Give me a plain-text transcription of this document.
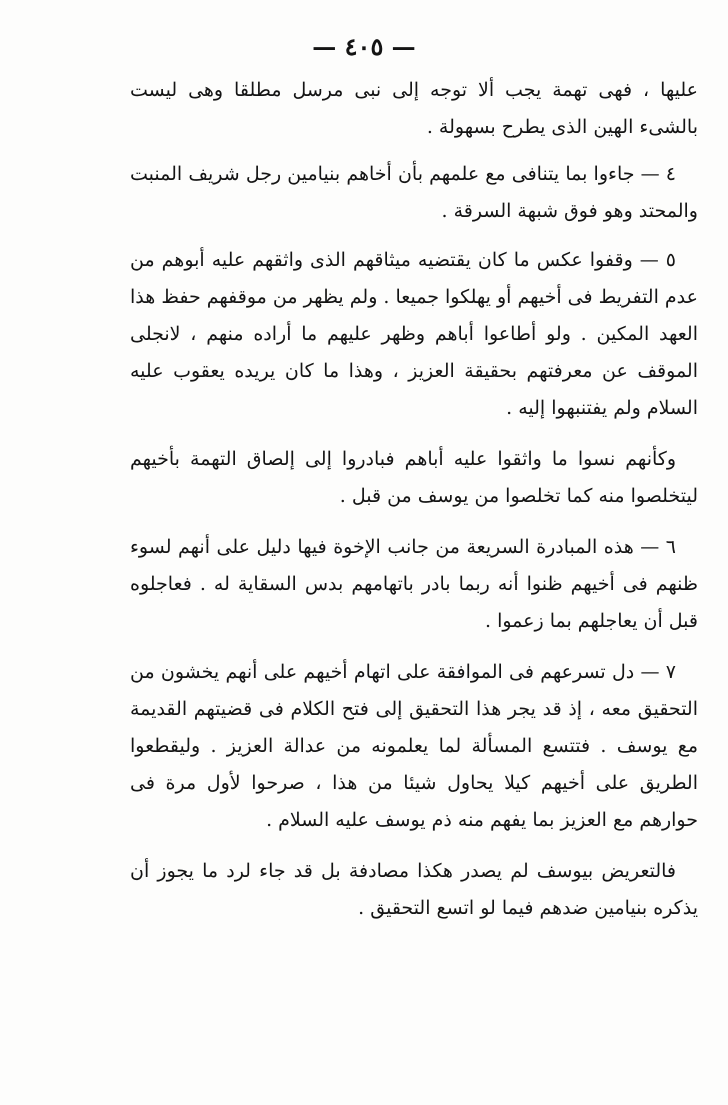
— ٤٠٥ —

عليها ، فهى تهمة يجب ألا توجه إلى نبى مرسل مطلقا وهى ليست بالشىء الهين الذى يطرح بسهولة .

٤ — جاءوا بما يتنافى مع علمهم بأن أخاهم بنيامين رجل شريف المنبت والمحتد وهو فوق شبهة السرقة .

٥ — وقفوا عكس ما كان يقتضيه ميثاقهم الذى واثقهم عليه أبوهم من عدم التفريط فى أخيهم أو يهلكوا جميعا . ولم يظهر من موقفهم حفظ هذا العهد المكين . ولو أطاعوا أباهم وظهر عليهم ما أراده منهم ، لانجلى الموقف عن معرفتهم بحقيقة العزيز ، وهذا ما كان يريده يعقوب عليه السلام ولم يفتنبهوا إليه .

وكأنهم نسوا ما واثقوا عليه أباهم فبادروا إلى إلصاق التهمة بأخيهم ليتخلصوا منه كما تخلصوا من يوسف من قبل .

٦ — هذه المبادرة السريعة من جانب الإخوة فيها دليل على أنهم لسوء ظنهم فى أخيهم ظنوا أنه ربما بادر باتهامهم بدس السقاية له . فعاجلوه قبل أن يعاجلهم بما زعموا .

٧ — دل تسرعهم فى الموافقة على اتهام أخيهم على أنهم يخشون من التحقيق معه ، إذ قد يجر هذا التحقيق إلى فتح الكلام فى قضيتهم القديمة مع يوسف . فتتسع المسألة لما يعلمونه من عدالة العزيز . وليقطعوا الطريق على أخيهم كيلا يحاول شيئا من هذا ، صرحوا لأول مرة فى حوارهم مع العزيز بما يفهم منه ذم يوسف عليه السلام .

فالتعريض بيوسف لم يصدر هكذا مصادفة بل قد جاء لرد ما يجوز أن يذكره بنيامين ضدهم فيما لو اتسع التحقيق .
